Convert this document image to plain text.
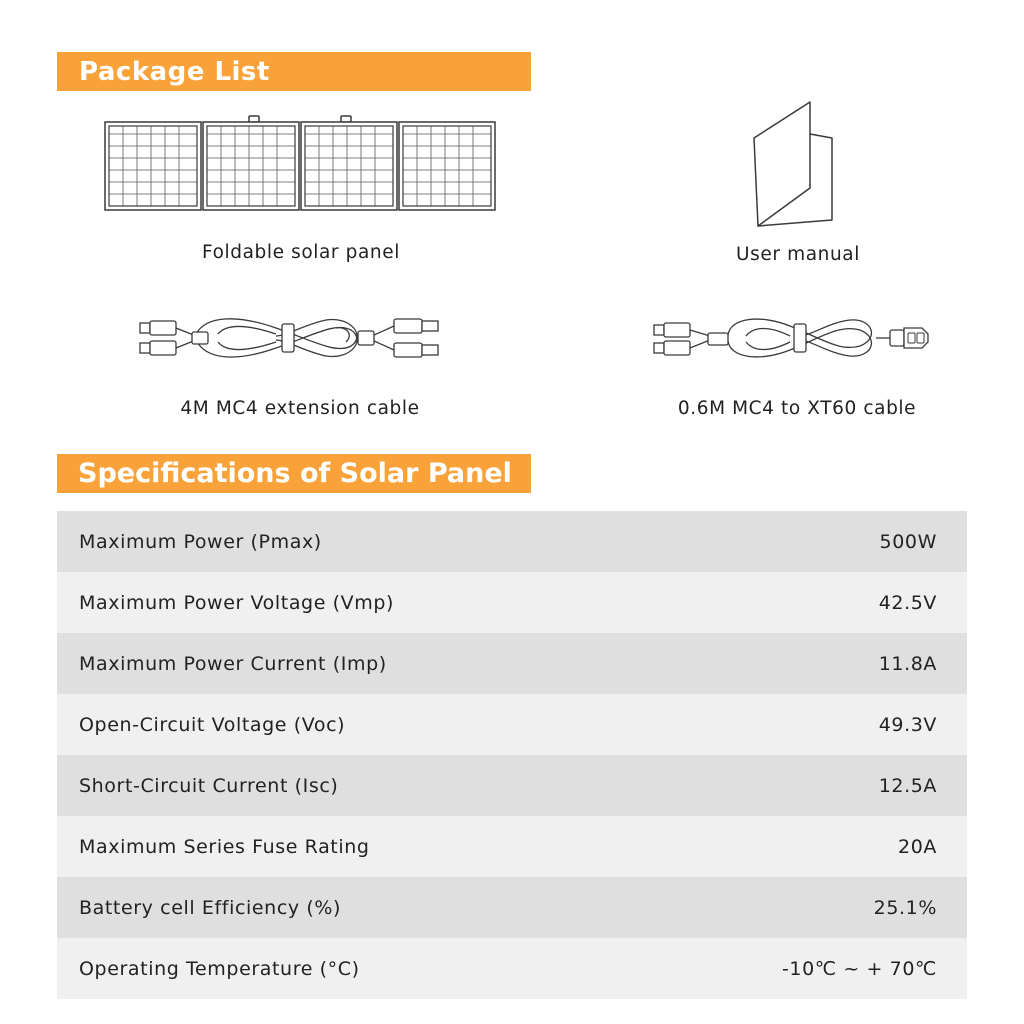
Package List
Foldable solar panel	User manual
4M MC4 extension cable	0.6M MC4 to XT60 cable
Specifications of Solar Panel
Maximum Power (Pmax)	500W
Maximum Power Voltage (Vmp)	42.5V
Maximum Power Current (Imp)	11.8A
Open-Circuit Voltage (Voc)	49.3V
Short-Circuit Current (Isc)	12.5A
Maximum Series Fuse Rating	20A
Battery cell Efficiency (%)	25.1%
Operating Temperature (°C)	-10℃ ~ + 70℃
